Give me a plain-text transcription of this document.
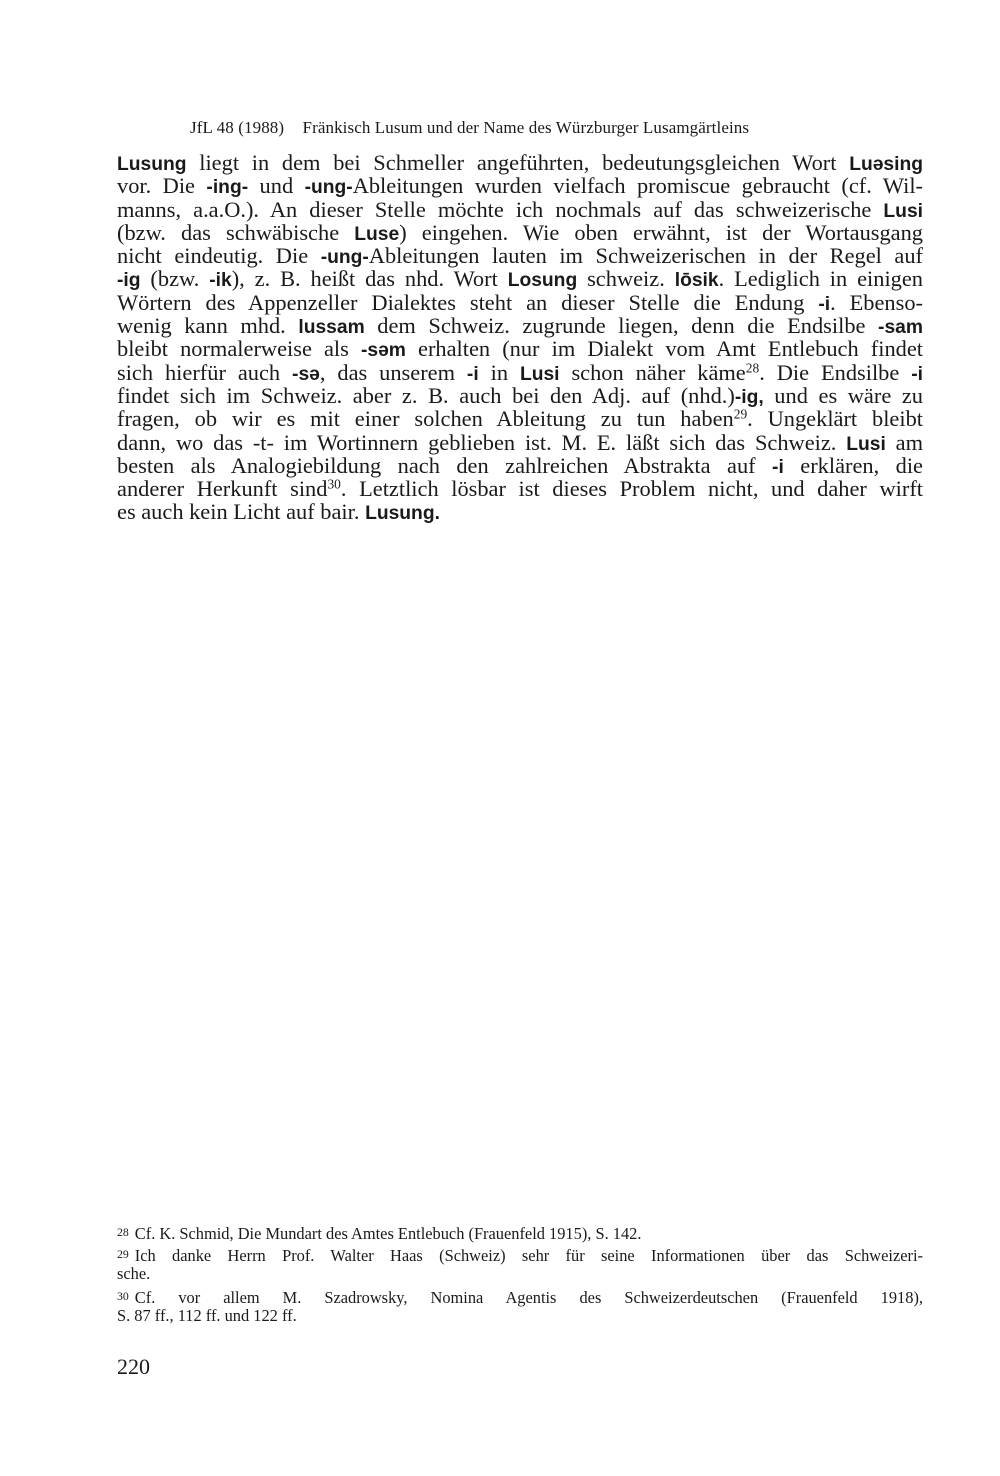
JfL 48 (1988) Fränkisch Lusum und der Name des Würzburger Lusamgärtleins
Lusung liegt in dem bei Schmeller angeführten, bedeutungsgleichen Wort Luəsing
vor. Die -ing- und -ung-Ableitungen wurden vielfach promiscue gebraucht (cf. Wil-
manns, a.a.O.). An dieser Stelle möchte ich nochmals auf das schweizerische Lusi
(bzw. das schwäbische Luse) eingehen. Wie oben erwähnt, ist der Wortausgang
nicht eindeutig. Die -ung-Ableitungen lauten im Schweizerischen in der Regel auf
-ig (bzw. -ik), z. B. heißt das nhd. Wort Losung schweiz. lōsik. Lediglich in einigen
Wörtern des Appenzeller Dialektes steht an dieser Stelle die Endung -i. Ebenso-
wenig kann mhd. lussam dem Schweiz. zugrunde liegen, denn die Endsilbe -sam
bleibt normalerweise als -səm erhalten (nur im Dialekt vom Amt Entlebuch findet
sich hierfür auch -sə, das unserem -i in Lusi schon näher käme$^{28}$. Die Endsilbe -i
findet sich im Schweiz. aber z. B. auch bei den Adj. auf (nhd.)-ig, und es wäre zu
fragen, ob wir es mit einer solchen Ableitung zu tun haben$^{29}$. Ungeklärt bleibt
dann, wo das -t- im Wortinnern geblieben ist. M. E. läßt sich das Schweiz. Lusi am
besten als Analogiebildung nach den zahlreichen Abstrakta auf -i erklären, die
anderer Herkunft sind$^{30}$. Letztlich lösbar ist dieses Problem nicht, und daher wirft
es auch kein Licht auf bair. Lusung.
28 Cf. K. Schmid, Die Mundart des Amtes Entlebuch (Frauenfeld 1915), S. 142.
29 Ich danke Herrn Prof. Walter Haas (Schweiz) sehr für seine Informationen über das Schweizeri-
sche.
30 Cf. vor allem M. Szadrowsky, Nomina Agentis des Schweizerdeutschen (Frauenfeld 1918),
S. 87 ff., 112 ff. und 122 ff.
220
